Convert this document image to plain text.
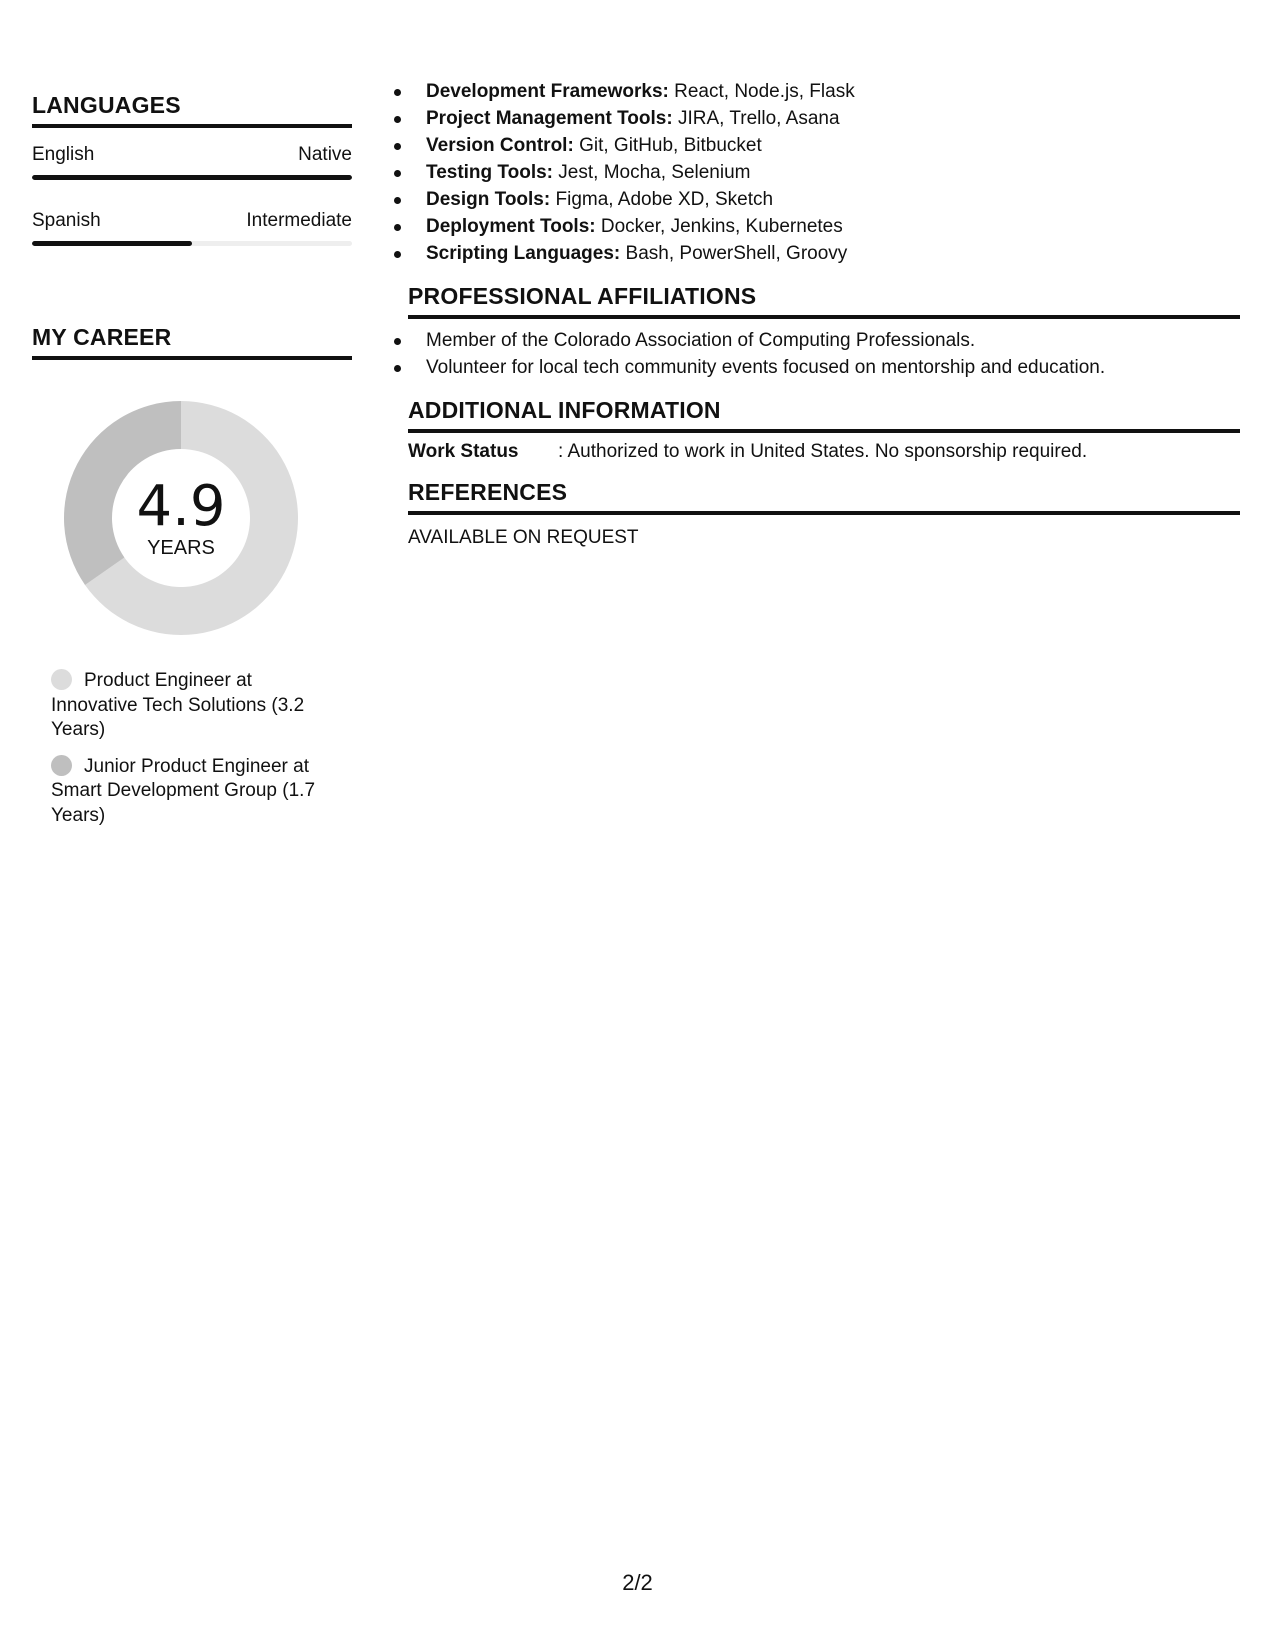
LANGUAGES
English	Native
Spanish	Intermediate
MY CAREER
4.9
YEARS
Product Engineer at Innovative Tech Solutions (3.2 Years)
Junior Product Engineer at Smart Development Group (1.7 Years)
Development Frameworks: React, Node.js, Flask
Project Management Tools: JIRA, Trello, Asana
Version Control: Git, GitHub, Bitbucket
Testing Tools: Jest, Mocha, Selenium
Design Tools: Figma, Adobe XD, Sketch
Deployment Tools: Docker, Jenkins, Kubernetes
Scripting Languages: Bash, PowerShell, Groovy
PROFESSIONAL AFFILIATIONS
Member of the Colorado Association of Computing Professionals.
Volunteer for local tech community events focused on mentorship and education.
ADDITIONAL INFORMATION
Work Status	: Authorized to work in United States. No sponsorship required.
REFERENCES
AVAILABLE ON REQUEST
2/2
